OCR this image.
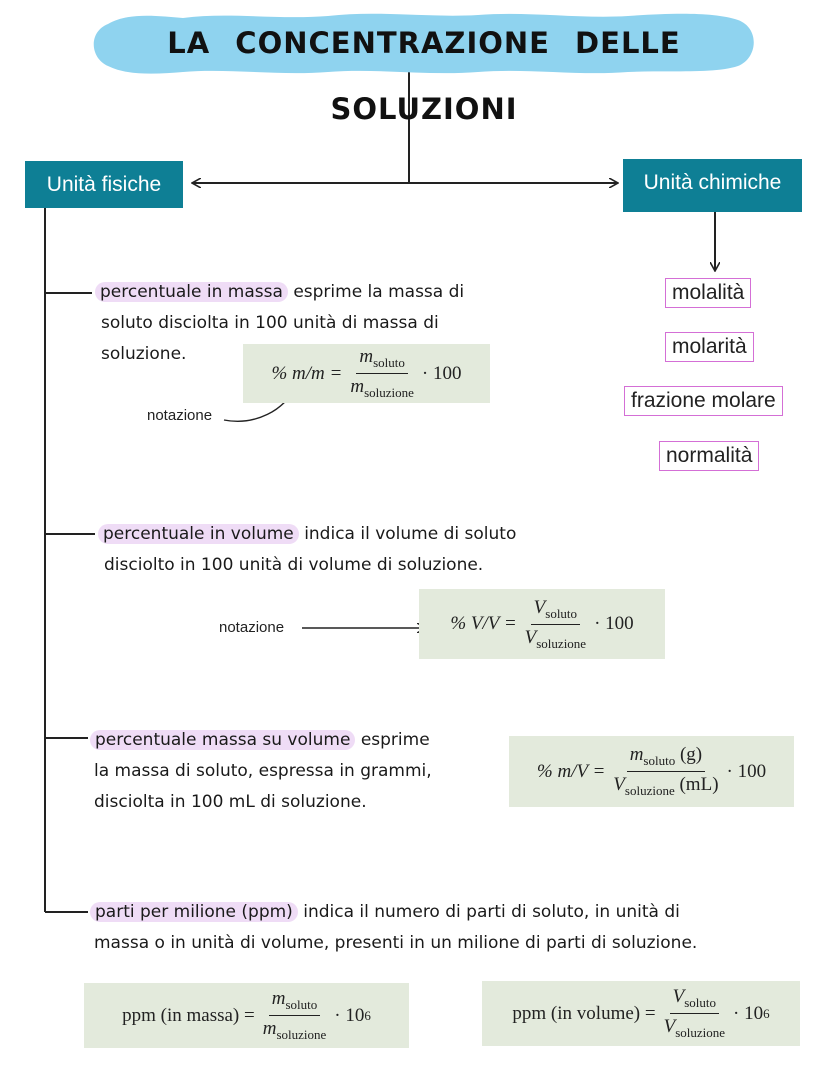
LA CONCENTRAZIONE DELLE SOLUZIONI
Unità fisiche	Unità chimiche
molalità
molarità
frazione molare
normalità
percentuale in massa esprime la massa di
soluto disciolta in 100 unità di massa di
soluzione.
notazione
% $m/m = \frac{m_{soluto}}{m_{soluzione}} \cdot 100$
percentuale in volume indica il volume di soluto
disciolto in 100 unità di volume di soluzione.
notazione	% $V/V = \frac{V_{soluto}}{V_{soluzione}} \cdot 100$
percentuale massa su volume esprime
la massa di soluto, espressa in grammi,
disciolta in 100 mL di soluzione.
% $m/V = \frac{m_{soluto} (g)}{V_{soluzione} (mL)} \cdot 100$
parti per milione (ppm) indica il numero di parti di soluto, in unità di
massa o in unità di volume, presenti in un milione di parti di soluzione.
ppm (in massa) = $\frac{m_{soluto}}{m_{soluzione}} \cdot 10$ 6	ppm (in volume) = $\frac{V_{soluto}}{V_{soluzione}} \cdot 10$ 6
